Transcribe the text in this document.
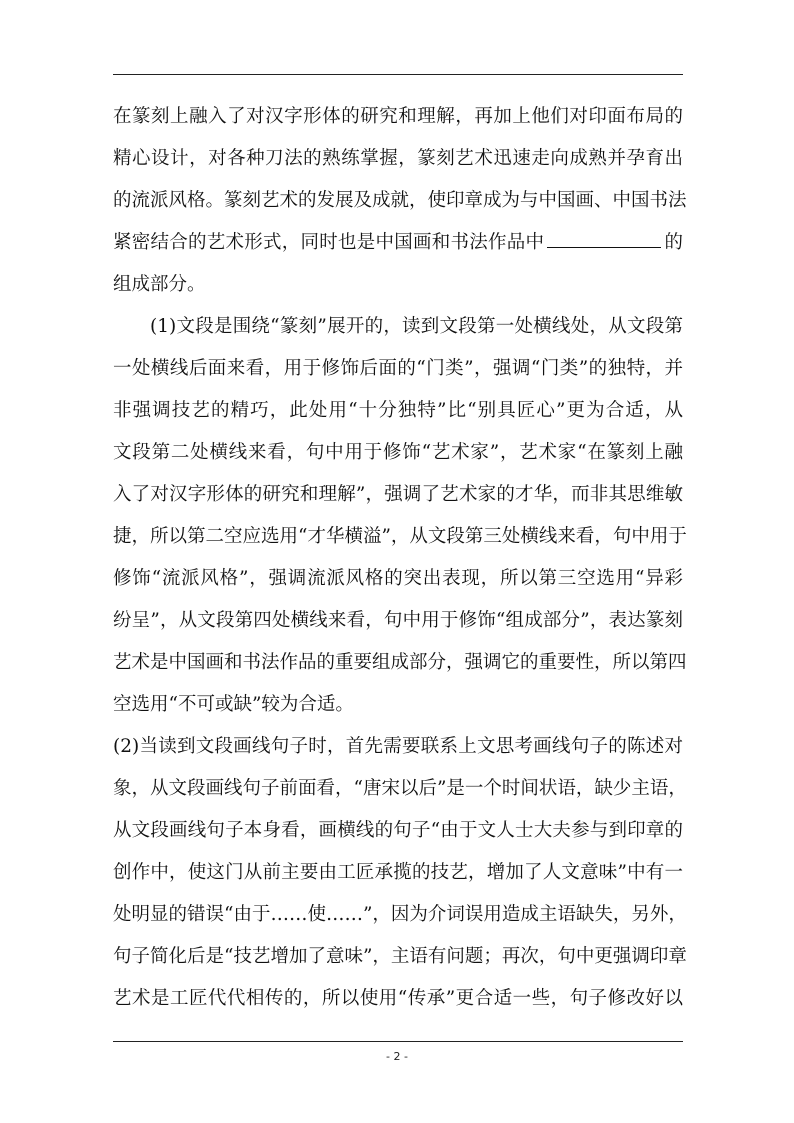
在篆刻上融入了对汉字形体的研究和理解，再加上他们对印面布局的
精心设计，对各种刀法的熟练掌握，篆刻艺术迅速走向成熟并孕育出
的流派风格。篆刻艺术的发展及成就，使印章成为与中国画、中国书法
紧密结合的艺术形式，同时也是中国画和书法作品中	的
组成部分。
(1)文段是围绕“篆刻”展开的，读到文段第一处横线处，从文段第
一处横线后面来看，用于修饰后面的“门类”，强调“门类”的独特，并
非强调技艺的精巧，此处用“十分独特”比“别具匠心”更为合适，从
文段第二处横线来看，句中用于修饰“艺术家”，艺术家“在篆刻上融
入了对汉字形体的研究和理解”，强调了艺术家的才华，而非其思维敏
捷，所以第二空应选用“才华横溢”，从文段第三处横线来看，句中用于
修饰“流派风格”，强调流派风格的突出表现，所以第三空选用“异彩
纷呈”，从文段第四处横线来看，句中用于修饰“组成部分”，表达篆刻
艺术是中国画和书法作品的重要组成部分，强调它的重要性，所以第四
空选用“不可或缺”较为合适。
(2)当读到文段画线句子时，首先需要联系上文思考画线句子的陈述对
象，从文段画线句子前面看，“唐宋以后”是一个时间状语，缺少主语，
从文段画线句子本身看，画横线的句子“由于文人士大夫参与到印章的
创作中，使这门从前主要由工匠承揽的技艺，增加了人文意味”中有一
处明显的错误“由于……使……”，因为介词误用造成主语缺失，另外，
句子简化后是“技艺增加了意味”，主语有问题；再次，句中更强调印章
艺术是工匠代代相传的，所以使用“传承”更合适一些，句子修改好以
- 2 -
